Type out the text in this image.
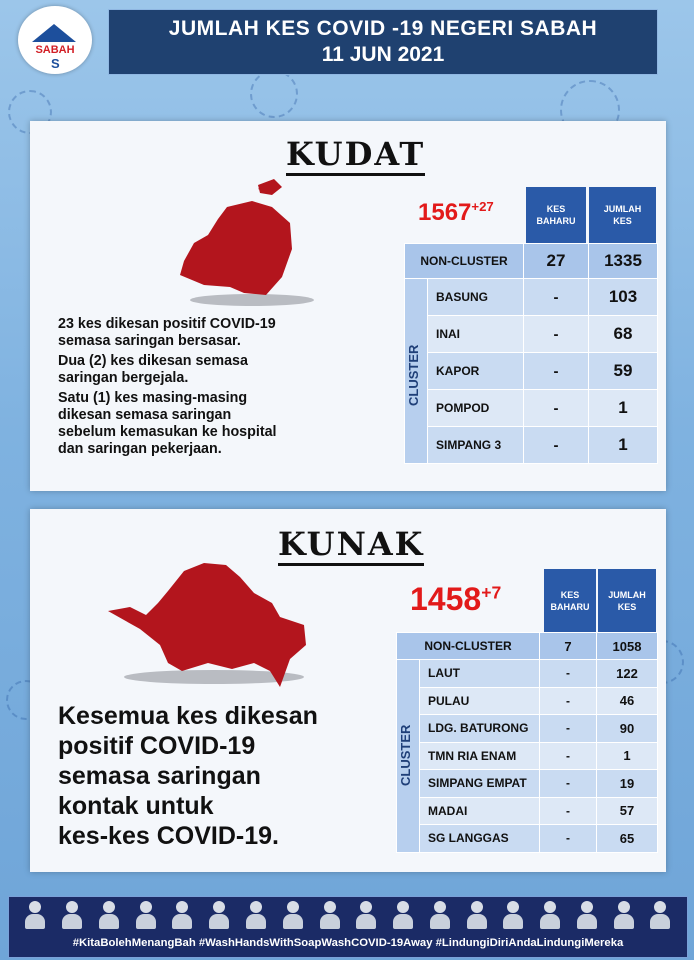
SABAH
S
JUMLAH KES COVID -19 NEGERI SABAH
11 JUN 2021
KUDAT
23 kes dikesan positif COVID-19
semasa saringan bersasar.
Dua (2) kes dikesan semasa
saringan bergejala.
Satu (1) kes masing-masing
dikesan semasa saringan
sebelum kemasukan ke hospital
dan saringan pekerjaan.
$1567^{+27}$	KES
BAHARU
JUMLAH
KES
NON-CLUSTER		27	1335
	BASUNG	-	103
	INAI	-	68
	KAPOR	-	59
	POMPOD	-	1
	SIMPANG 3	-	1
CLUSTER
KUNAK
Kesemua kes dikesan
positif COVID-19
semasa saringan
kontak untuk
kes-kes COVID-19.
$1458^{+7}$	KES
BAHARU
JUMLAH
KES
NON-CLUSTER		7	1058
	LAUT	-	122
	PULAU	-	46
	LDG. BATURONG	-	90
	TMN RIA ENAM	-	1
	SIMPANG EMPAT	-	19
	MADAI	-	57
	SG LANGGAS	-	65
CLUSTER
#KitaBolehMenangBah #WashHandsWithSoapWashCOVID-19Away #LindungiDiriAndaLindungiMereka
